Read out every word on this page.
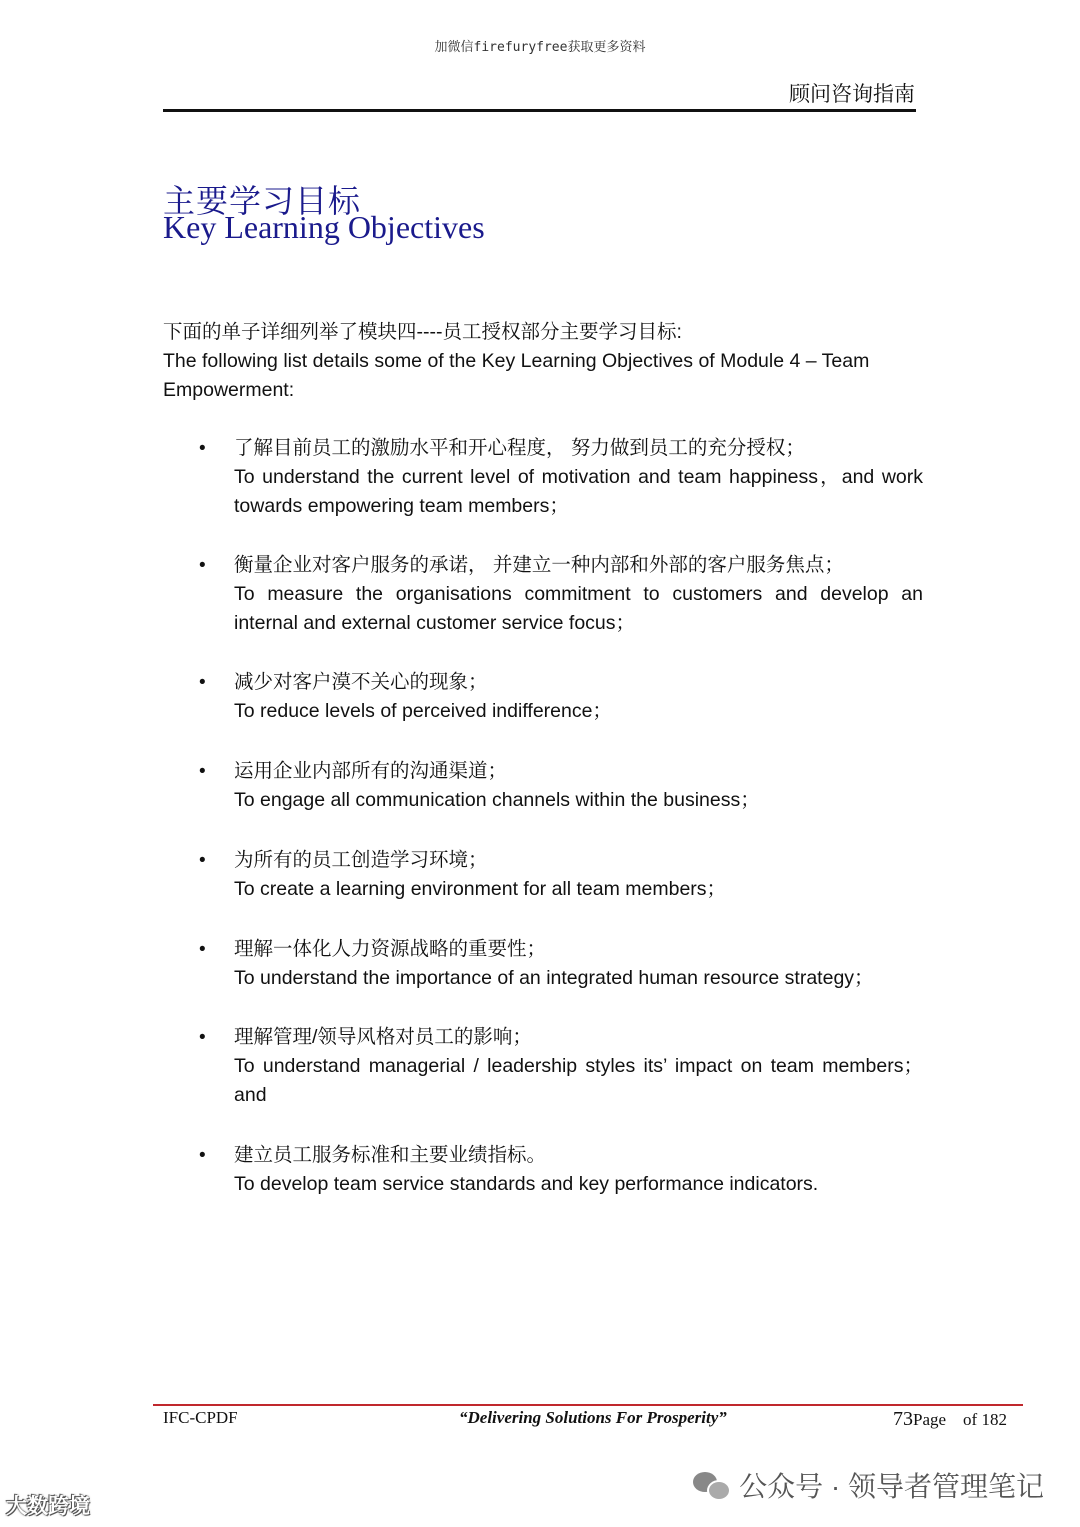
加微信firefuryfree获取更多资料
顾问咨询指南
主要学习目标
Key Learning Objectives

下面的单子详细列举了模块四----员工授权部分主要学习目标:

The following list details some of the Key Learning Objectives of Module 4 – Team Empowerment:

• 了解目前员工的激励水平和开心程度， 努力做到员工的充分授权；
To understand the current level of motivation and team happiness，and work towards empowering team members；
• 衡量企业对客户服务的承诺， 并建立一种内部和外部的客户服务焦点；
To measure the organisations commitment to customers and develop an internal and external customer service focus；
• 减少对客户漠不关心的现象；
To reduce levels of perceived indifference；
• 运用企业内部所有的沟通渠道；
To engage all communication channels within the business；
• 为所有的员工创造学习环境；
To create a learning environment for all team members；
• 理解一体化人力资源战略的重要性；
To understand the importance of an integrated human resource strategy；
• 理解管理/领导风格对员工的影响；
To understand managerial / leadership styles its’ impact on team members； and
• 建立员工服务标准和主要业绩指标。
To develop team service standards and key performance indicators.
IFC-CPDF	“Delivering Solutions For Prosperity”	73Page of 182
公众号 · 领导者管理笔记
大数跨境
